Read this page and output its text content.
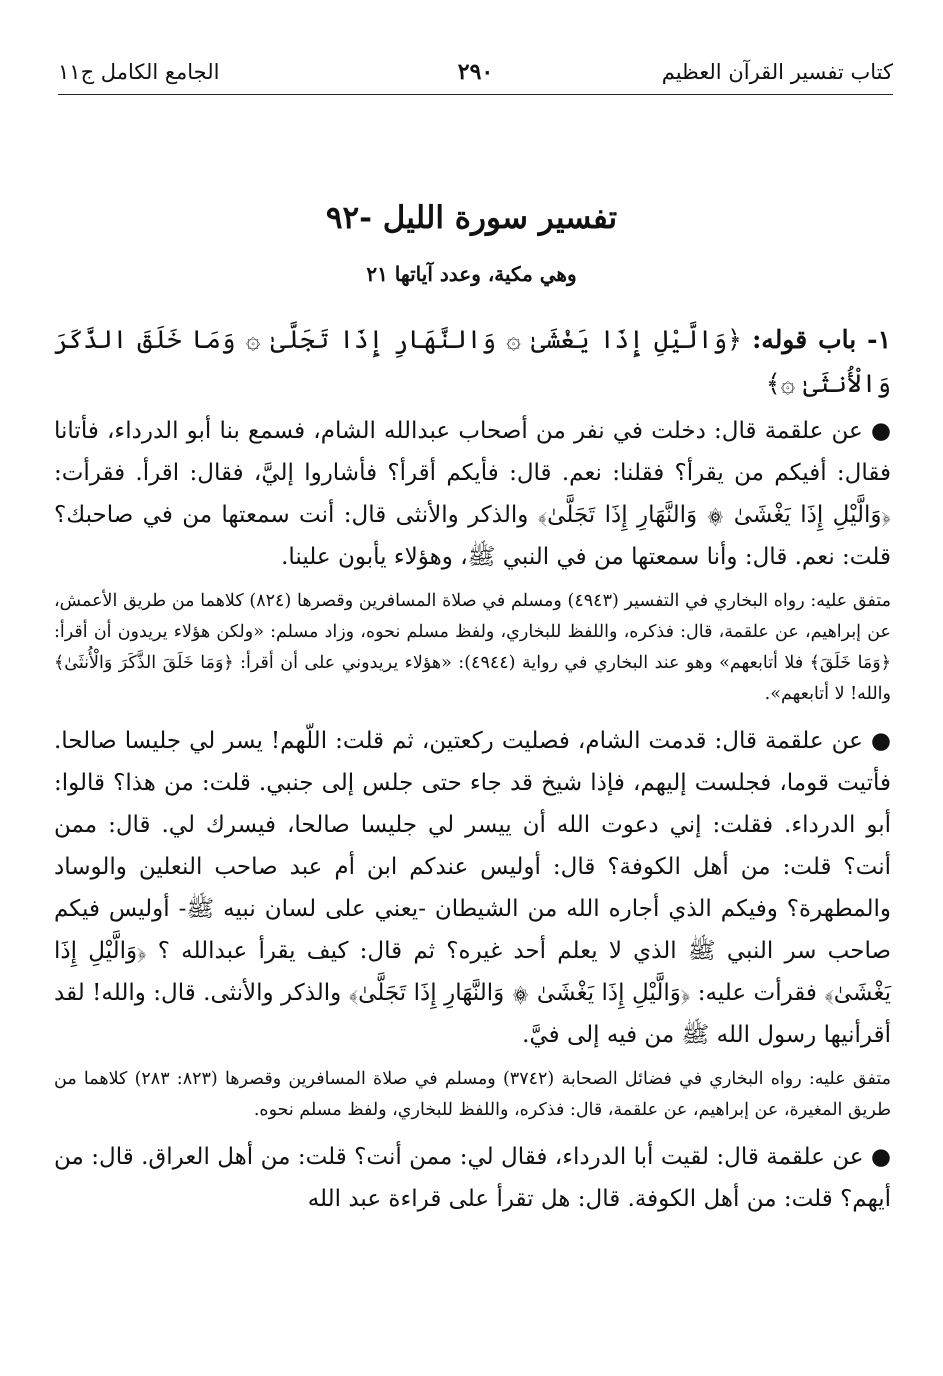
كتاب تفسير القرآن العظيم
٢٩٠
الجامع الكامل ج١١
تفسير سورة الليل -٩٢
وهي مكية، وعدد آياتها ٢١

١- باب قوله: ﴿وَالَّيْلِ إِذَا يَغْشَىٰ ۞ وَالنَّهَارِ إِذَا تَجَلَّىٰ ۞ وَمَا خَلَقَ الذَّكَرَ وَالْأُنثَىٰ ۞﴾

● عن علقمة قال: دخلت في نفر من أصحاب عبدالله الشام، فسمع بنا أبو الدرداء، فأتانا فقال: أفيكم من يقرأ؟ فقلنا: نعم. قال: فأيكم أقرأ؟ فأشاروا إليَّ، فقال: اقرأ. فقرأت: ﴿وَالَّيْلِ إِذَا يَغْشَىٰ ۞ وَالنَّهَارِ إِذَا تَجَلَّىٰ﴾ والذكر والأنثى قال: أنت سمعتها من في صاحبك؟ قلت: نعم. قال: وأنا سمعتها من في النبي ﷺ، وهؤلاء يأبون علينا.

متفق عليه: رواه البخاري في التفسير (٤٩٤٣) ومسلم في صلاة المسافرين وقصرها (٨٢٤) كلاهما من طريق الأعمش، عن إبراهيم، عن علقمة، قال: فذكره، واللفظ للبخاري، ولفظ مسلم نحوه، وزاد مسلم: «ولكن هؤلاء يريدون أن أقرأ: ﴿وَمَا خَلَقَ﴾ فلا أتابعهم» وهو عند البخاري في رواية (٤٩٤٤): «هؤلاء يريدوني على أن أقرأ: ﴿وَمَا خَلَقَ الذَّكَرَ وَالْأُنثَىٰ﴾ والله! لا أتابعهم».

● عن علقمة قال: قدمت الشام، فصليت ركعتين، ثم قلت: اللّهم! يسر لي جليسا صالحا. فأتيت قوما، فجلست إليهم، فإذا شيخ قد جاء حتى جلس إلى جنبي. قلت: من هذا؟ قالوا: أبو الدرداء. فقلت: إني دعوت الله أن ييسر لي جليسا صالحا، فيسرك لي. قال: ممن أنت؟ قلت: من أهل الكوفة؟ قال: أوليس عندكم ابن أم عبد صاحب النعلين والوساد والمطهرة؟ وفيكم الذي أجاره الله من الشيطان -يعني على لسان نبيه ﷺ- أوليس فيكم صاحب سر النبي ﷺ الذي لا يعلم أحد غيره؟ ثم قال: كيف يقرأ عبدالله ؟ ﴿وَالَّيْلِ إِذَا يَغْشَىٰ﴾ فقرأت عليه: ﴿وَالَّيْلِ إِذَا يَغْشَىٰ ۞ وَالنَّهَارِ إِذَا تَجَلَّىٰ﴾ والذكر والأنثى. قال: والله! لقد أقرأنيها رسول الله ﷺ من فيه إلى فيَّ.

متفق عليه: رواه البخاري في فضائل الصحابة (٣٧٤٢) ومسلم في صلاة المسافرين وقصرها (٨٢٣: ٢٨٣) كلاهما من طريق المغيرة، عن إبراهيم، عن علقمة، قال: فذكره، واللفظ للبخاري، ولفظ مسلم نحوه.

● عن علقمة قال: لقيت أبا الدرداء، فقال لي: ممن أنت؟ قلت: من أهل العراق. قال: من أيهم؟ قلت: من أهل الكوفة. قال: هل تقرأ على قراءة عبد الله
